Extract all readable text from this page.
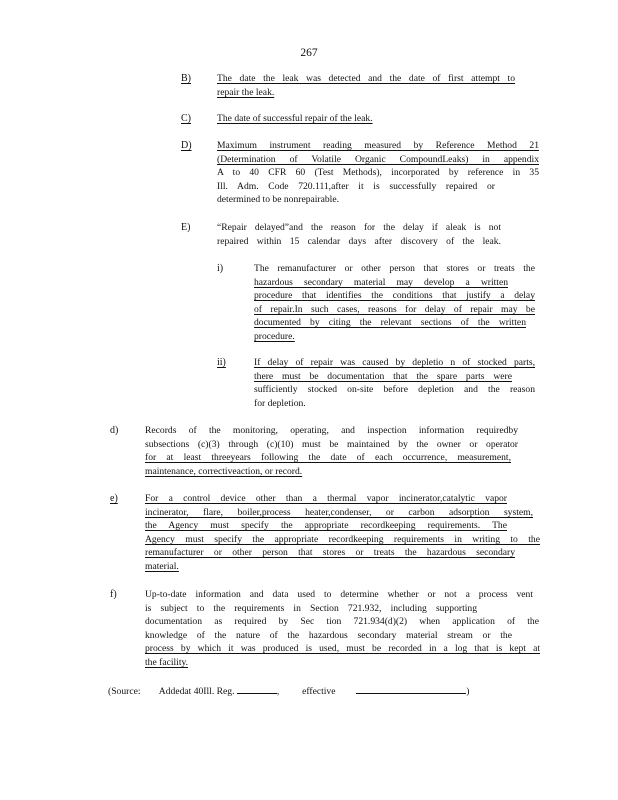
267
B)	The date the leak was detected and the date of first attempt to
repair the leak.
C)	The date of successful repair of the leak.
D)	Maximum instrument reading measured by Reference Method 21
(Determination of Volatile Organic CompoundLeaks) in appendix
A to 40 CFR 60 (Test Methods), incorporated by reference in 35
Ill. Adm. Code 720.111,after it is successfully repaired or
determined to be nonrepairable.
E)	“Repair delayed”and the reason for the delay if aleak is not
repaired within 15 calendar days after discovery of the leak.
i)	The remanufacturer or other person that stores or treats the
hazardous secondary material may develop a written
procedure that identifies the conditions that justify a delay
of repair.In such cases, reasons for delay of repair may be
documented by citing the relevant sections of the written
procedure.
ii)	If delay of repair was caused by depletio n of stocked parts,
there must be documentation that the spare parts were
sufficiently stocked on-site before depletion and the reason
for depletion.
d)	Records of the monitoring, operating, and inspection information requiredby
subsections (c)(3) through (c)(10) must be maintained by the owner or operator
for at least threeyears following the date of each occurrence, measurement,
maintenance, correctiveaction, or record.
e)	For a control device other than a thermal vapor incinerator,catalytic vapor
incinerator, flare, boiler,process heater,condenser, or carbon adsorption system,
the Agency must specify the appropriate recordkeeping requirements. The
Agency must specify the appropriate recordkeeping requirements in writing to the
remanufacturer or other person that stores or treats the hazardous secondary
material.
f)	Up-to-date information and data used to determine whether or not a process vent
is subject to the requirements in Section 721.932, including supporting
documentation as required by Sec tion 721.934(d)(2) when application of the
knowledge of the nature of the hazardous secondary material stream or the
process by which it was produced is used, must be recorded in a log that is kept at
the facility.
(Source: Addedat 40Ill. Reg.	, effective	)
